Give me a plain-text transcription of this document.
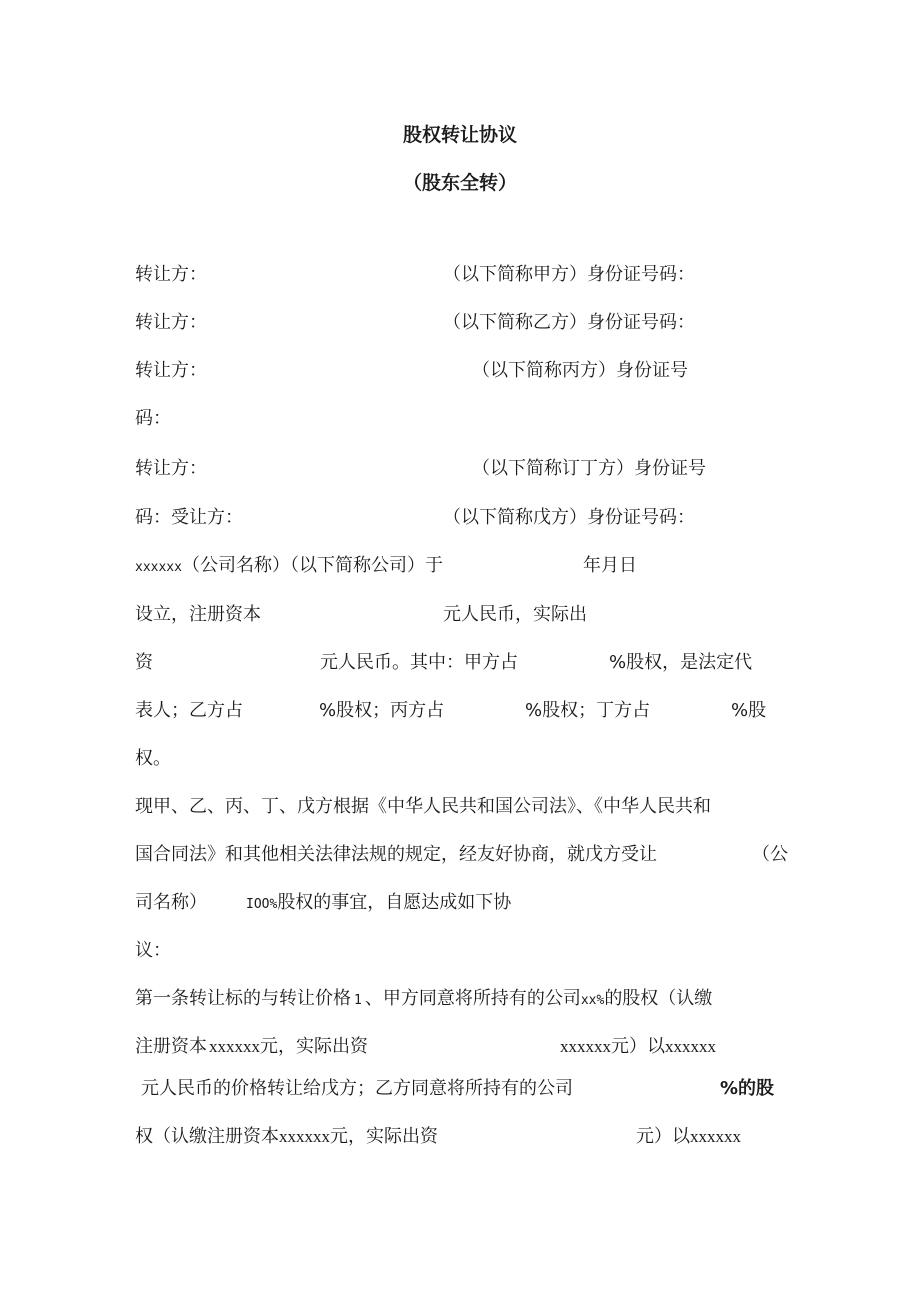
股权转让协议
（股东全转）
转让方：	（以下简称甲方）身份证号码：
转让方：	（以下简称乙方）身份证号码：
转让方：	（以下简称丙方）身份证号
码：
转让方：	（以下简称订丁方）身份证号
码：受让方：	（以下简称戊方）身份证号码：
xxxxxx（公司名称）（以下简称公司）于	年月日
设立，注册资本	元人民币，实际出
资	元人民币。其中：甲方占	%股权，是法定代
表人；乙方占	%股权；丙方占	%股权；丁方占	%股
权。
现甲、乙、丙、丁、戊方根据《中华人民共和国公司法》、《中华人民共和
国合同法》和其他相关法律法规的规定，经友好协商，就戊方受让	（公
司名称）	IOO%股权的事宜，自愿达成如下协
议：
第一条转让标的与转让价格 1 、甲方同意将所持有的公司xx%的股权（认缴
注册资本 xxxxxx元，实际出资	xxxxxx元）以xxxxxx
元人民币的价格转让给戊方；乙方同意将所持有的公司	%的股
权（认缴注册资本xxxxxx元，实际出资	元）以xxxxxx
